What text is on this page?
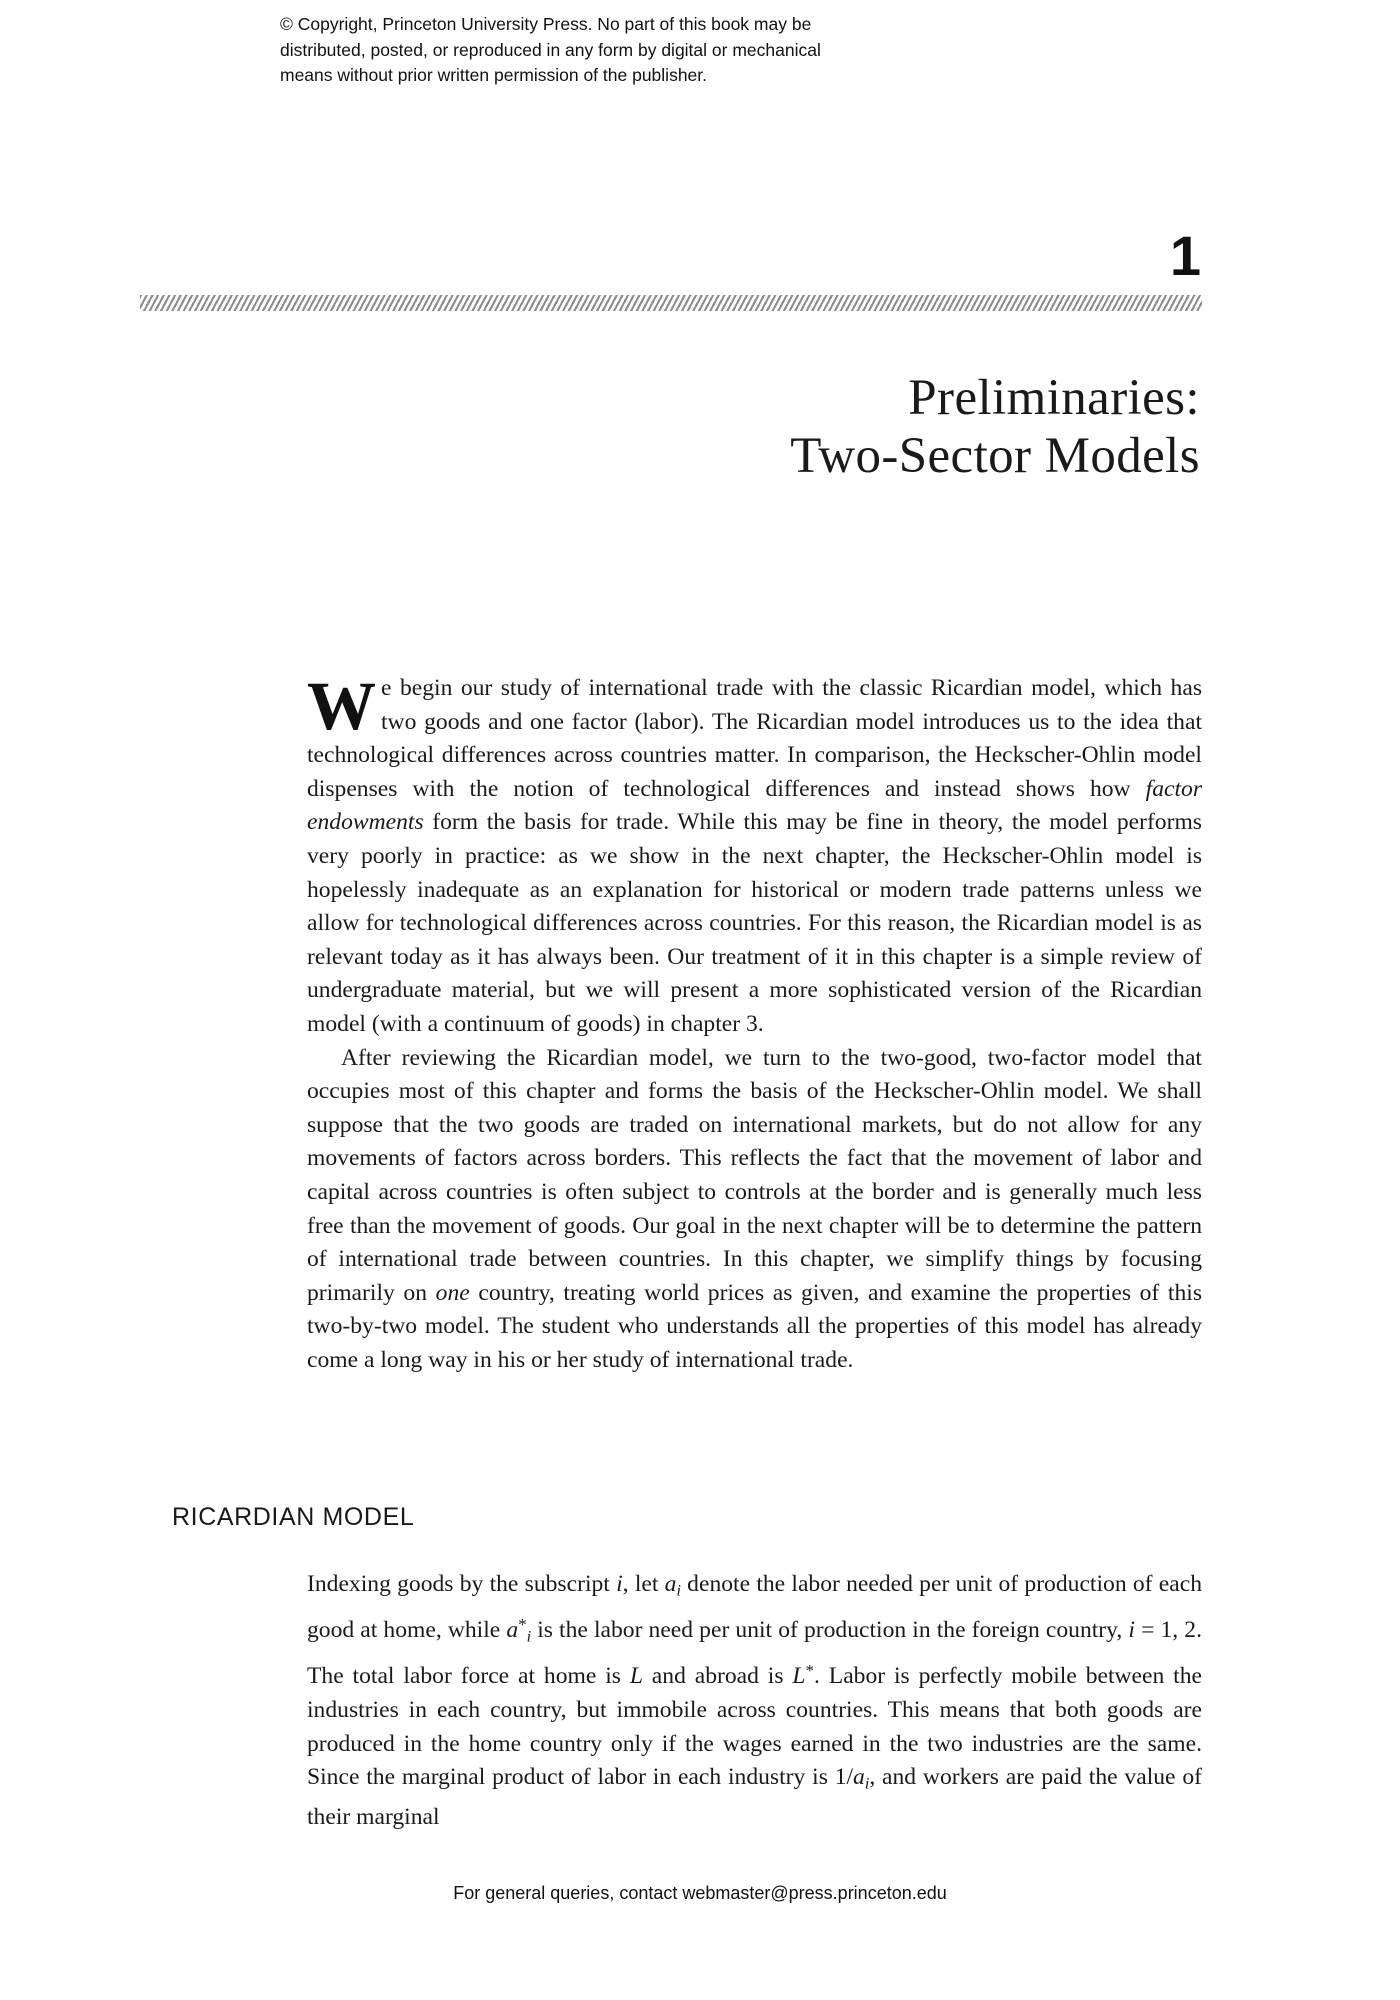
© Copyright, Princeton University Press. No part of this book may be
distributed, posted, or reproduced in any form by digital or mechanical
means without prior written permission of the publisher.
1
Preliminaries:
Two-Sector Models

We begin our study of international trade with the classic Ricardian model, which has two goods and one factor (labor). The Ricardian model introduces us to the idea that technological differences across countries matter. In comparison, the Heckscher-Ohlin model dispenses with the notion of technological differences and instead shows how factor endowments form the basis for trade. While this may be fine in theory, the model performs very poorly in practice: as we show in the next chapter, the Heckscher-Ohlin model is hopelessly inadequate as an explanation for historical or modern trade patterns unless we allow for technological differences across countries. For this reason, the Ricardian model is as relevant today as it has always been. Our treatment of it in this chapter is a simple review of undergraduate material, but we will present a more sophisticated version of the Ricardian model (with a continuum of goods) in chapter 3.

After reviewing the Ricardian model, we turn to the two-good, two-factor model that occupies most of this chapter and forms the basis of the Heckscher-Ohlin model. We shall suppose that the two goods are traded on international markets, but do not allow for any movements of factors across borders. This reflects the fact that the movement of labor and capital across countries is often subject to controls at the border and is generally much less free than the movement of goods. Our goal in the next chapter will be to determine the pattern of international trade between countries. In this chapter, we simplify things by focusing primarily on one country, treating world prices as given, and examine the properties of this two-by-two model. The student who understands all the properties of this model has already come a long way in his or her study of international trade.

RICARDIAN MODEL

Indexing goods by the subscript i, let $a_i$ denote the labor needed per unit of production of each good at home, while $a^*_i$ is the labor need per unit of production in the foreign country, i = 1, 2. The total labor force at home is L and abroad is L*. Labor is perfectly mobile between the industries in each country, but immobile across countries. This means that both goods are produced in the home country only if the wages earned in the two industries are the same. Since the marginal product of labor in each industry is $1/a_i$, and workers are paid the value of their marginal

For general queries, contact webmaster@press.princeton.edu
